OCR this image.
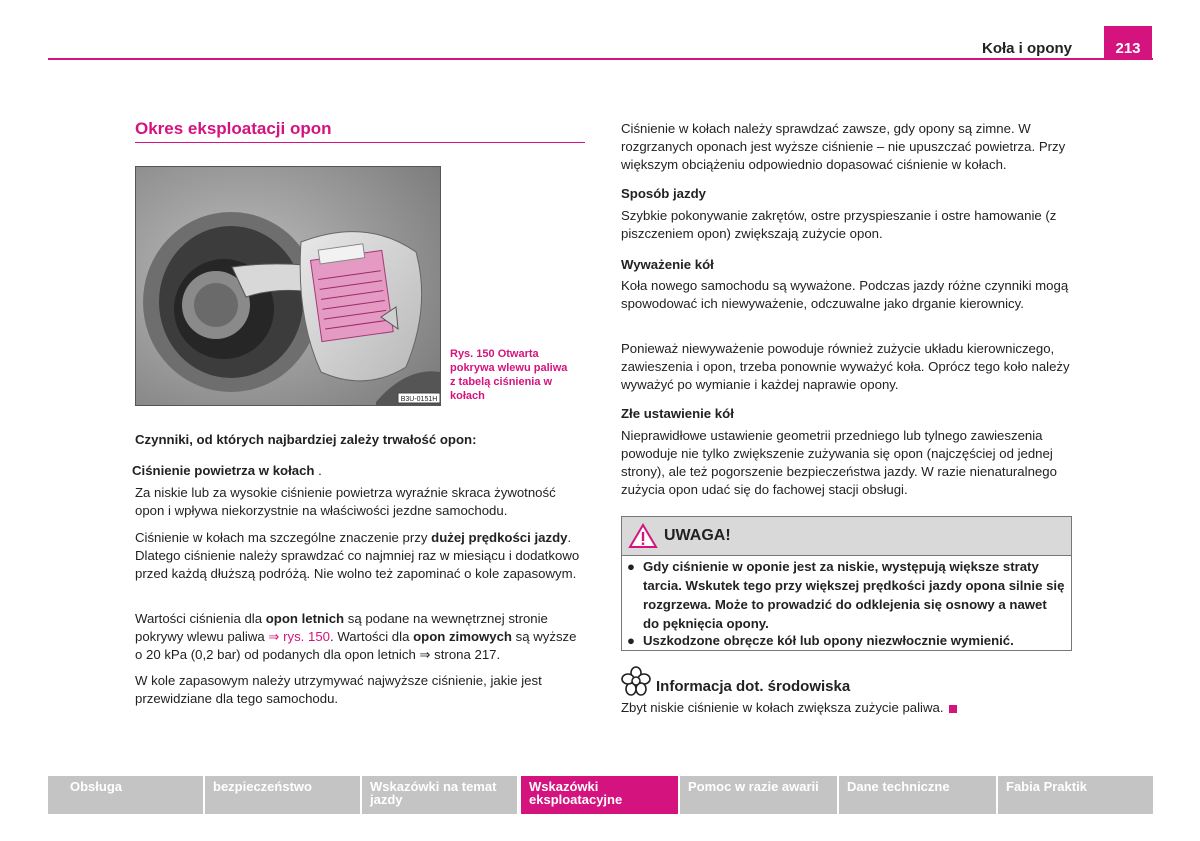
Koła i opony	213
Okres eksploatacji opon
B3U-0151H
Rys. 150 Otwarta
pokrywa wlewu paliwa
z tabelą ciśnienia w
kołach
Czynniki, od których najbardziej zależy trwałość opon:
Ciśnienie powietrza w kołach .
Za niskie lub za wysokie ciśnienie powietrza wyraźnie skraca żywotność opon i wpływa niekorzystnie na właściwości jezdne samochodu.
Ciśnienie w kołach ma szczególne znaczenie przy dużej prędkości jazdy. Dlatego ciśnienie należy sprawdzać co najmniej raz w miesiącu i dodatkowo przed każdą dłuższą podróżą. Nie wolno też zapominać o kole zapasowym.
Wartości ciśnienia dla opon letnich są podane na wewnętrznej stronie pokrywy wlewu paliwa ⇒ rys. 150. Wartości dla opon zimowych są wyższe o 20 kPa (0,2 bar) od podanych dla opon letnich ⇒ strona 217.
W kole zapasowym należy utrzymywać najwyższe ciśnienie, jakie jest przewidziane dla tego samochodu.
Ciśnienie w kołach należy sprawdzać zawsze, gdy opony są zimne. W rozgrzanych oponach jest wyższe ciśnienie – nie upuszczać powietrza. Przy większym obciążeniu odpowiednio dopasować ciśnienie w kołach.
Sposób jazdy
Szybkie pokonywanie zakrętów, ostre przyspieszanie i ostre hamowanie (z piszczeniem opon) zwiększają zużycie opon.
Wyważenie kół
Koła nowego samochodu są wyważone. Podczas jazdy różne czynniki mogą spowodować ich niewyważenie, odczuwalne jako drganie kierownicy.
Ponieważ niewyważenie powoduje również zużycie układu kierowniczego, zawieszenia i opon, trzeba ponownie wyważyć koła. Oprócz tego koło należy wyważyć po wymianie i każdej naprawie opony.
Złe ustawienie kół
Nieprawidłowe ustawienie geometrii przedniego lub tylnego zawieszenia powoduje nie tylko zwiększenie zużywania się opon (najczęściej od jednej strony), ale też pogorszenie bezpieczeństwa jazdy. W razie nienaturalnego zużycia opon udać się do fachowej stacji obsługi.
UWAGA!
● Gdy ciśnienie w oponie jest za niskie, występują większe straty tarcia. Wskutek tego przy większej prędkości jazdy opona silnie się rozgrzewa. Może to prowadzić do odklejenia się osnowy a nawet do pęknięcia opony.
● Uszkodzone obręcze kół lub opony niezwłocznie wymienić.
Informacja dot. środowiska
Zbyt niskie ciśnienie w kołach zwiększa zużycie paliwa.
Obsługa	bezpieczeństwo	Wskazówki na temat jazdy
Wskazówki eksploatacyjne
Pomoc w razie awarii	Dane techniczne	Fabia Praktik
